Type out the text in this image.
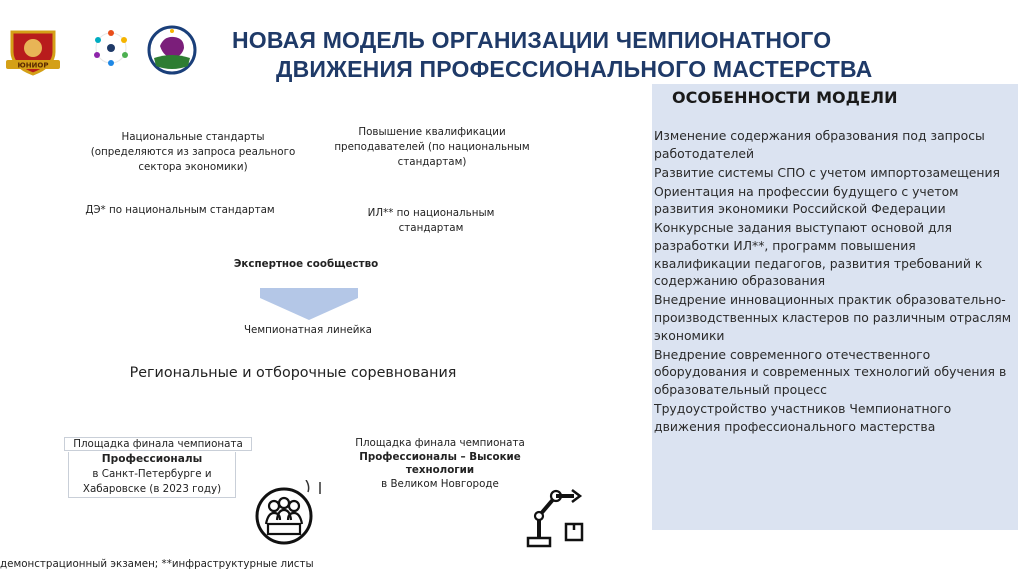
ЮНИОР
НОВАЯ МОДЕЛЬ ОРГАНИЗАЦИИ ЧЕМПИОНАТНОГО
ДВИЖЕНИЯ ПРОФЕССИОНАЛЬНОГО МАСТЕРСТВА
Национальные стандарты (определяются из запроса реального сектора экономики)
Повышение квалификации преподавателей (по национальным стандартам)
ДЭ* по национальным стандартам	ИЛ** по национальным стандартам
Экспертное сообщество
Чемпионатная линейка
Региональные и отборочные соревнования
Площадка финала чемпионата
Профессионалы
в Санкт-Петербурге и Хабаровске (в 2023 году)
Площадка финала чемпионата
Профессионалы – Высокие технологии
в Великом Новгороде
ОСОБЕННОСТИ МОДЕЛИ
Изменение содержания образования под запросы работодателей
Развитие системы СПО с учетом импортозамещения
Ориентация на профессии будущего с учетом развития экономики Российской Федерации
Конкурсные задания выступают основой для разработки ИЛ**, программ повышения квалификации педагогов, развития требований к содержанию образования
Внедрение инновационных практик образовательно-производственных кластеров по различным отраслям экономики
Внедрение современного отечественного оборудования и современных технологий обучения в образовательный процесс
Трудоустройство участников Чемпионатного движения профессионального мастерства
демонстрационный экзамен; **инфраструктурные листы
